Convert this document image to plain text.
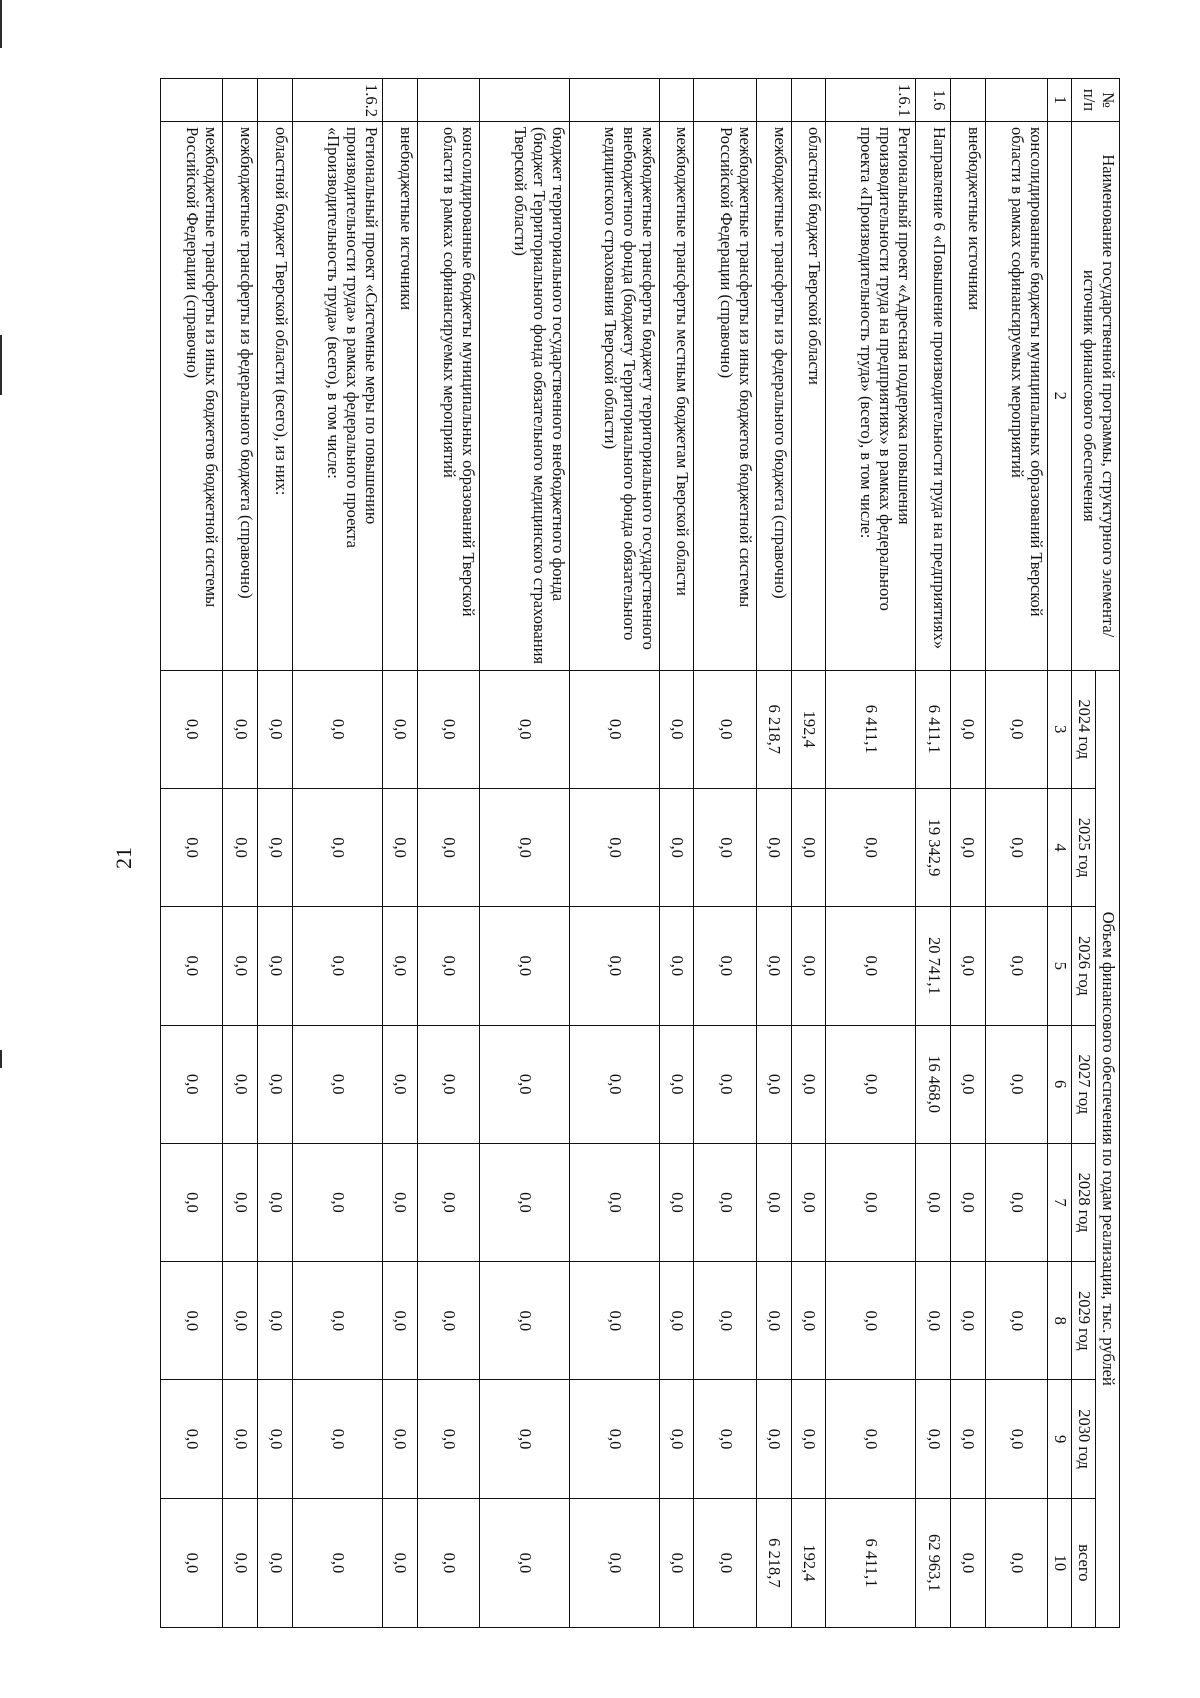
21
№ п/п	Наименование государственной программы, структурного элемента/источник финансового обеспечения	Объем финансового обеспечения по годам реализации, тыс. рублей							
		2024 год	2025 год	2026 год	2027 год	2028 год	2029 год	2030 год	всего
1	2	3	4	5	6	7	8	9	10
	консолидированные бюджеты муниципальных образований Тверской области в рамках софинансируемых мероприятий	0,0	0,0	0,0	0,0	0,0	0,0	0,0	0,0
	внебюджетные источники	0,0	0,0	0,0	0,0	0,0	0,0	0,0	0,0
1.6	Направление 6 «Повышение производительности труда на предприятиях»	6 411,1	19 342,9	20 741,1	16 468,0	0,0	0,0	0,0	62 963,1
1.6.1	Региональный проект «Адресная поддержка повышения производительности труда на предприятиях» в рамках федерального проекта «Производительность труда» (всего), в том числе:	6 411,1	0,0	0,0	0,0	0,0	0,0	0,0	6 411,1
	областной бюджет Тверской области	192,4	0,0	0,0	0,0	0,0	0,0	0,0	192,4
	межбюджетные трансферты из федерального бюджета (справочно)	6 218,7	0,0	0,0	0,0	0,0	0,0	0,0	6 218,7
	межбюджетные трансферты из иных бюджетов бюджетной системы Российской Федерации (справочно)	0,0	0,0	0,0	0,0	0,0	0,0	0,0	0,0
	межбюджетные трансферты местным бюджетам Тверской области	0,0	0,0	0,0	0,0	0,0	0,0	0,0	0,0
	межбюджетные трансферты бюджету территориального государственного внебюджетного фонда (бюджету Территориального фонда обязательного медицинского страхования Тверской области)	0,0	0,0	0,0	0,0	0,0	0,0	0,0	0,0
	бюджет территориального государственного внебюджетного фонда (бюджет Территориального фонда обязательного медицинского страхования Тверской области)	0,0	0,0	0,0	0,0	0,0	0,0	0,0	0,0
	консолидированные бюджеты муниципальных образований Тверской области в рамках софинансируемых мероприятий	0,0	0,0	0,0	0,0	0,0	0,0	0,0	0,0
	внебюджетные источники	0,0	0,0	0,0	0,0	0,0	0,0	0,0	0,0
1.6.2	Региональный проект «Системные меры по повышению производительности труда» в рамках федерального проекта «Производительность труда» (всего), в том числе:	0,0	0,0	0,0	0,0	0,0	0,0	0,0	0,0
	областной бюджет Тверской области (всего), из них:	0,0	0,0	0,0	0,0	0,0	0,0	0,0	0,0
	межбюджетные трансферты из федерального бюджета (справочно)	0,0	0,0	0,0	0,0	0,0	0,0	0,0	0,0
	межбюджетные трансферты из иных бюджетов бюджетной системы Российской Федерации (справочно)	0,0	0,0	0,0	0,0	0,0	0,0	0,0	0,0
